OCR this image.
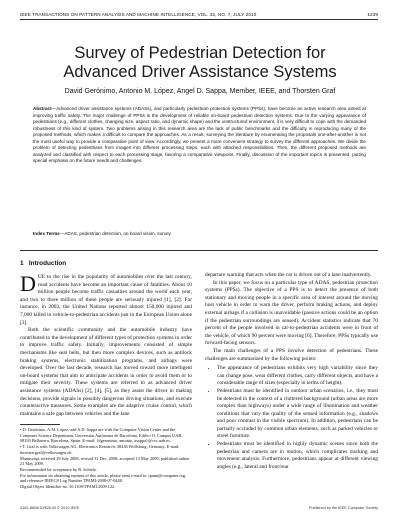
IEEE TRANSACTIONS ON PATTERN ANALYSIS AND MACHINE INTELLIGENCE, VOL. 32, NO. 7, JULY 2010	1239
Survey of Pedestrian Detection for
Advanced Driver Assistance Systems
David Gerónimo, Antonio M. López, Angel D. Sappa, Member, IEEE, and Thorsten Graf
Abstract—Advanced driver assistance systems (ADASs), and particularly pedestrian protection systems (PPSs), have become an active research area aimed at improving traffic safety. The major challenge of PPSs is the development of reliable on-board pedestrian detection systems. Due to the varying appearance of pedestrians (e.g., different clothes, changing size, aspect ratio, and dynamic shape) and the unstructured environment, it is very difficult to cope with the demanded robustness of this kind of system. Two problems arising in this research area are the lack of public benchmarks and the difficulty in reproducing many of the proposed methods, which makes it difficult to compare the approaches. As a result, surveying the literature by enumerating the proposals one-after-another is not the most useful way to provide a comparative point of view. Accordingly, we present a more convenient strategy to survey the different approaches. We divide the problem of detecting pedestrians from images into different processing steps, each with attached responsibilities. Then, the different proposed methods are analyzed and classified with respect to each processing stage, favoring a comparative viewpoint. Finally, discussion of the important topics is presented, putting special emphasis on the future needs and challenges.
Index Terms—ADAS, pedestrian detection, on-board vision, survey.
1 Introduction

DUE to the rise in the popularity of automobiles over the last century, road accidents have become an important cause of fatalities. About 10 million people become traffic casualties around the world each year, and two to three million of these people are seriously injured [1], [2]. For instance, in 2003, the United Nations reported almost 150,000 injured and 7,000 killed in vehicle-to-pedestrian accidents just in the European Union alone [3].

Both the scientific community and the automobile industry have contributed to the development of different types of protection systems in order to improve traffic safety. Initially, improvements consisted of simple mechanisms like seat belts, but then more complex devices, such as antilock braking systems, electronic stabilization programs, and airbags were developed. Over the last decade, research has moved toward more intelligent on-board systems that aim to anticipate accidents in order to avoid them or to mitigate their severity. These systems are referred to as advanced driver assistance systems (ADASs) [2], [4], [5], as they assist the driver in making decisions, provide signals in possibly dangerous driving situations, and execute counteractive measures. Some examples are the adaptive cruise control, which maintains a safe gap between vehicles and the lane

• D. Gerónimo, A.M. López, and A.D. Sappa are with the Computer Vision Center and the Computer Science Department, Universitat Autònoma de Barcelona, Edifici O, Campus UAB, 08193 Bellaterra, Barcelona, Spain. E-mail: {dgeronimo, antonio, asappa}@cvc.uab.es.

• T. Graf is with Volkswagen AG, Electronics Research, 38436 Wolfsburg, Germany. E-mail: thorsten.graf@volkswagen.de.

Manuscript received 29 July 2008; revised 31 Dec. 2008; accepted 13 May 2009; published online 21 May 2009.

Recommended for acceptance by B. Schiele.

For information on obtaining reprints of this article, please send e-mail to: tpami@computer.org, and reference IEEECS Log Number TPAMI-2008-07-0448.

Digital Object Identifier no. 10.1109/TPAMI.2009.122.

departure warning that acts when the car is driven out of a lane inadvertently.

In this paper, we focus on a particular type of ADAS, pedestrian protection systems (PPSs). The objective of a PPS is to detect the presence of both stationary and moving people in a specific area of interest around the moving host vehicle in order to warn the driver, perform braking actions, and deploy external airbags if a collision is unavoidable (passive actions could be an option if the pedestrian surroundings are sensed). Accident statistics indicate that 70 percent of the people involved in car-to-pedestrian accidents were in front of the vehicle, of which 90 percent were moving [6]. Therefore, PPSs typically use forward-facing sensors.

The main challenges of a PPS involve detection of pedestrians. These challenges are summarized by the following points:

• The appearance of pedestrians exhibits very high variability since they can change pose, wear different clothes, carry different objects, and have a considerable range of sizes (especially in terms of height).
• Pedestrians must be identified in outdoor urban scenarios, i.e., they must be detected in the context of a cluttered background (urban areas are more complex than highways) under a wide range of illumination and weather conditions that vary the quality of the sensed information (e.g., shadows and poor contrast in the visible spectrum). In addition, pedestrians can be partially occluded by common urban elements, such as parked vehicles or street furniture.
• Pedestrians must be identified in highly dynamic scenes since both the pedestrian and camera are in motion, which complicates tracking and movement analysis. Furthermore, pedestrians appear at different viewing angles (e.g., lateral and front/rear
0162-8828/10/$26.00 © 2010 IEEE	Published by the IEEE Computer Society
